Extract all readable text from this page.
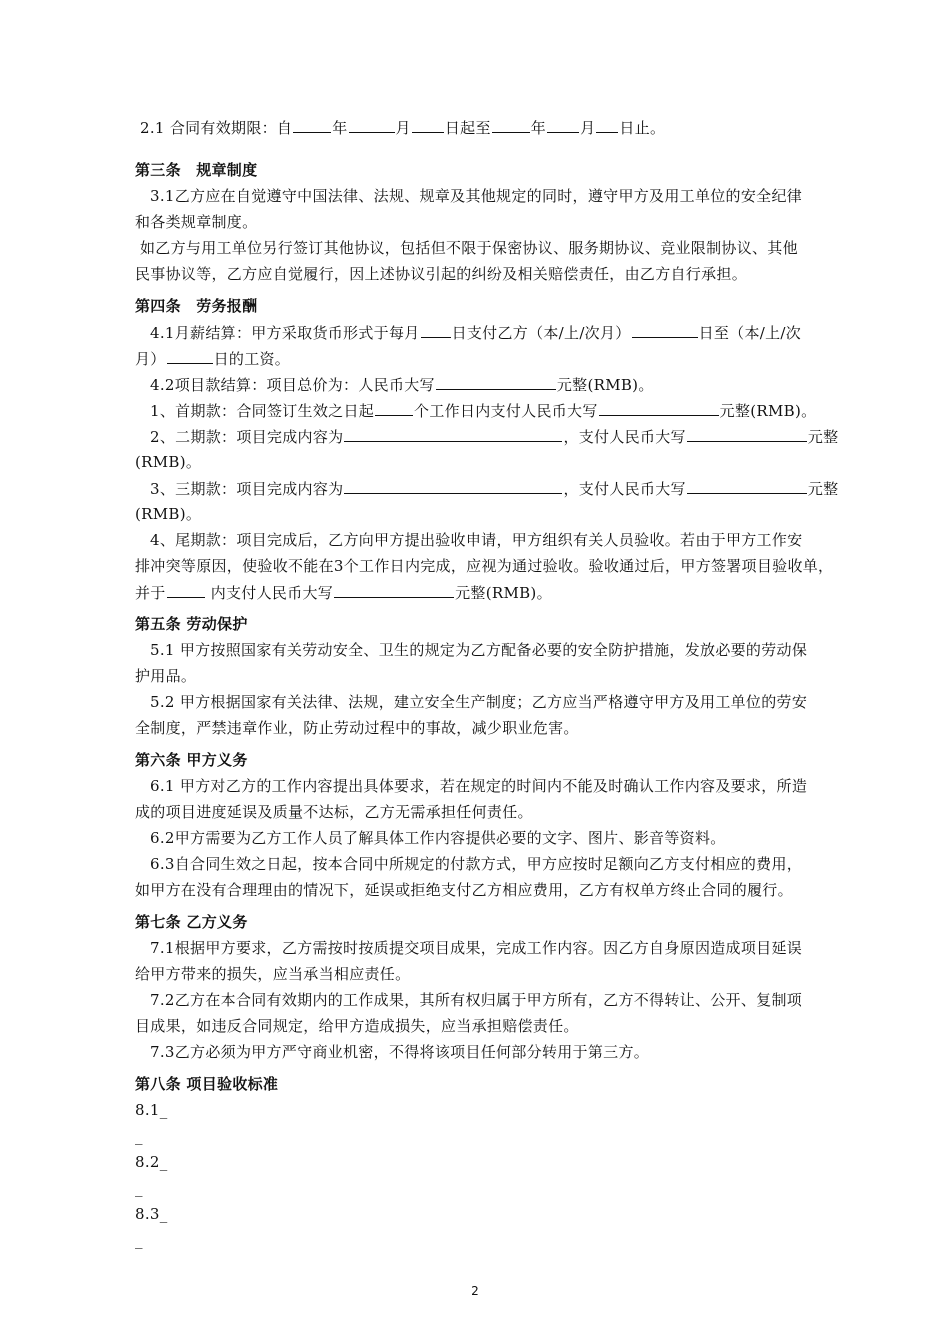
2.1 合同有效期限：自	年	月 日起至	年 月 日止。
第三条　规章制度
3.1乙方应在自觉遵守中国法律、法规、规章及其他规定的同时，遵守甲方及用工单位的安全纪律
和各类规章制度。
如乙方与用工单位另行签订其他协议，包括但不限于保密协议、服务期协议、竞业限制协议、其他
民事协议等，乙方应自觉履行，因上述协议引起的纠纷及相关赔偿责任，由乙方自行承担。
第四条　劳务报酬
4.1月薪结算：甲方采取货币形式于每月 日支付乙方（本/上/次月）	日至（本/上/次
月）	日的工资。
4.2项目款结算：项目总价为：人民币大写	元整(RMB)。
1、首期款：合同签订生效之日起	个工作日内支付人民币大写	元整(RMB)。
2、二期款：项目完成内容为	，支付人民币大写	元整
(RMB)。
3、三期款：项目完成内容为	，支付人民币大写	元整
(RMB)。
4、尾期款：项目完成后，乙方向甲方提出验收申请，甲方组织有关人员验收。若由于甲方工作安
排冲突等原因，使验收不能在3个工作日内完成，应视为通过验收。验收通过后，甲方签署项目验收单，
并于	内支付人民币大写	元整(RMB)。
第五条 劳动保护
5.1 甲方按照国家有关劳动安全、卫生的规定为乙方配备必要的安全防护措施，发放必要的劳动保
护用品。
5.2 甲方根据国家有关法律、法规，建立安全生产制度；乙方应当严格遵守甲方及用工单位的劳安
全制度，严禁违章作业，防止劳动过程中的事故，减少职业危害。
第六条 甲方义务
6.1 甲方对乙方的工作内容提出具体要求，若在规定的时间内不能及时确认工作内容及要求，所造
成的项目进度延误及质量不达标，乙方无需承担任何责任。
6.2甲方需要为乙方工作人员了解具体工作内容提供必要的文字、图片、影音等资料。
6.3自合同生效之日起，按本合同中所规定的付款方式，甲方应按时足额向乙方支付相应的费用，
如甲方在没有合理理由的情况下，延误或拒绝支付乙方相应费用，乙方有权单方终止合同的履行。
第七条 乙方义务
7.1根据甲方要求，乙方需按时按质提交项目成果，完成工作内容。因乙方自身原因造成项目延误
给甲方带来的损失，应当承当相应责任。
7.2乙方在本合同有效期内的工作成果，其所有权归属于甲方所有，乙方不得转让、公开、复制项
目成果，如违反合同规定，给甲方造成损失，应当承担赔偿责任。
7.3乙方必须为甲方严守商业机密，不得将该项目任何部分转用于第三方。
第八条 项目验收标准
8.1_
_
8.2_
_
8.3_
_
2
